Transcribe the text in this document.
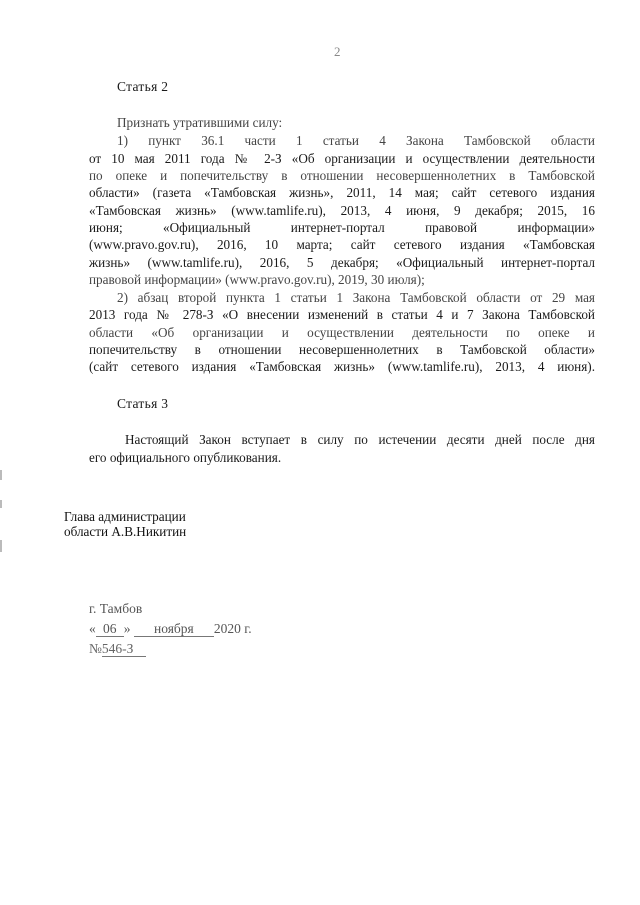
2
Статья 2
Признать утратившими силу:
1) пункт 36.1 части 1 статьи 4 Закона Тамбовской области
от 10 мая 2011 года № 2-З «Об организации и осуществлении деятельности
по опеке и попечительству в отношении несовершеннолетних в Тамбовской
области» (газета «Тамбовская жизнь», 2011, 14 мая; сайт сетевого издания
«Тамбовская жизнь» (www.tamlife.ru), 2013, 4 июня, 9 декабря; 2015, 16
июня; «Официальный интернет-портал правовой информации»
(www.pravo.gov.ru), 2016, 10 марта; сайт сетевого издания «Тамбовская
жизнь» (www.tamlife.ru), 2016, 5 декабря; «Официальный интернет-портал
правовой информации» (www.pravo.gov.ru), 2019, 30 июля);
2) абзац второй пункта 1 статьи 1 Закона Тамбовской области от 29 мая
2013 года № 278-З «О внесении изменений в статьи 4 и 7 Закона Тамбовской
области «Об организации и осуществлении деятельности по опеке и
попечительству в отношении несовершеннолетних в Тамбовской области»
(сайт сетевого издания «Тамбовская жизнь» (www.tamlife.ru), 2013, 4 июня).
Статья 3
Настоящий Закон вступает в силу по истечении десяти дней после дня
его официального опубликования.
Глава администрации
области А.В.Никитин
г. Тамбов
« 06 » ноября 2020 г.
№546-З
